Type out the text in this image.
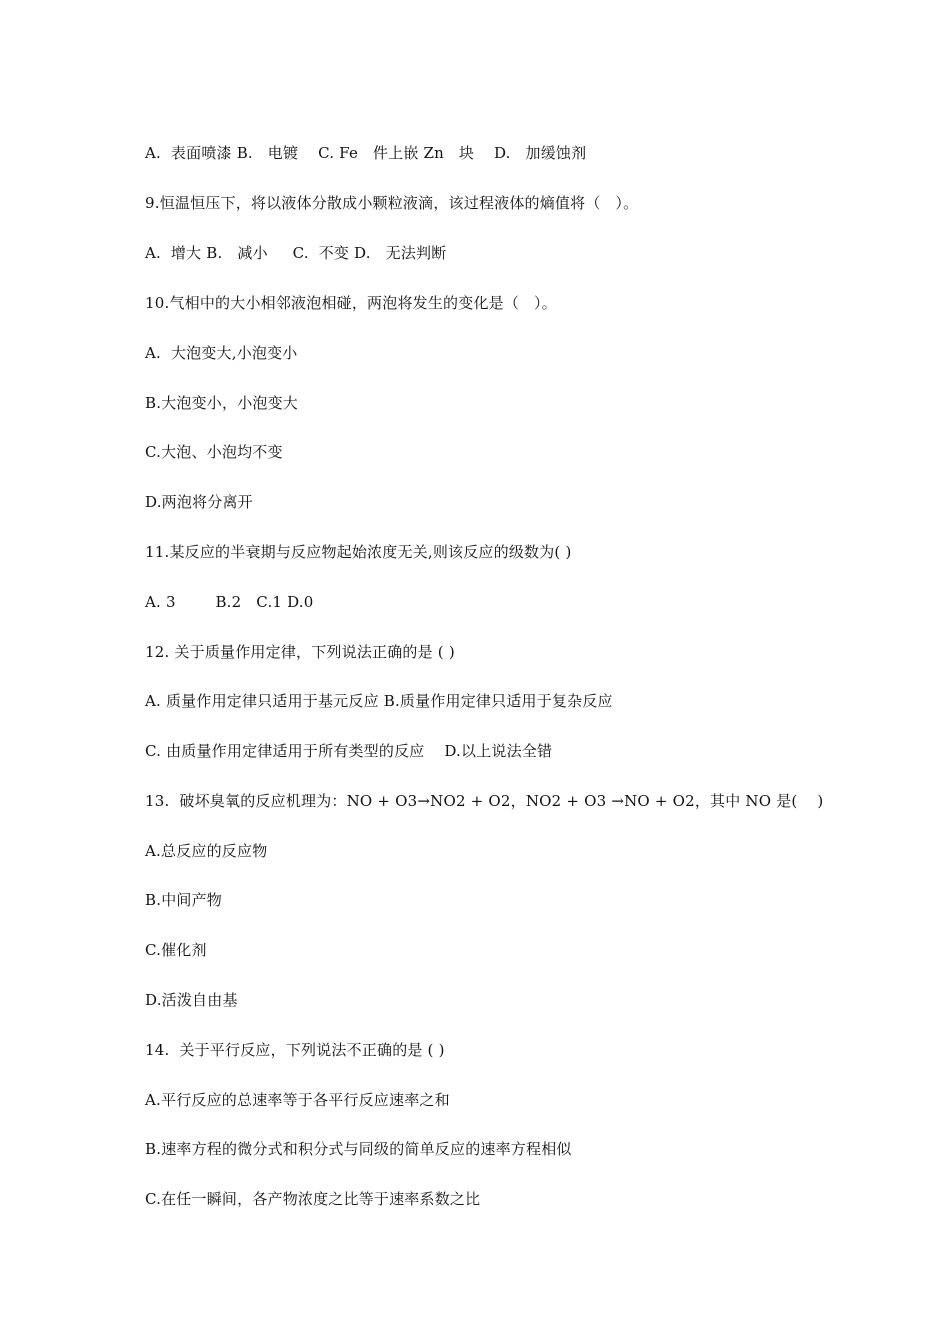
A.  表面喷漆 B.   电镀    C. Fe   件上嵌 Zn   块    D.   加缓蚀剂
9.恒温恒压下，将以液体分散成小颗粒液滴，该过程液体的熵值将（   ）。
A.  增大 B.   减小     C.  不变 D.   无法判断
10.气相中的大小相邻液泡相碰，两泡将发生的变化是（   ）。
A.  大泡变大,小泡变小
B.大泡变小，小泡变大
C.大泡、小泡均不变
D.两泡将分离开
11.某反应的半衰期与反应物起始浓度无关,则该反应的级数为( )
A. 3        B.2   C.1 D.0
12. 关于质量作用定律，下列说法正确的是 ( )
A. 质量作用定律只适用于基元反应 B.质量作用定律只适用于复杂反应
C. 由质量作用定律适用于所有类型的反应    D.以上说法全错
13.  破坏臭氧的反应机理为：NO + O3→NO2 + O2，NO2 + O3 →NO + O2，其中 NO 是(    )
A.总反应的反应物
B.中间产物
C.催化剂
D.活泼自由基
14.  关于平行反应，下列说法不正确的是 ( )
A.平行反应的总速率等于各平行反应速率之和
B.速率方程的微分式和积分式与同级的简单反应的速率方程相似
C.在任一瞬间，各产物浓度之比等于速率系数之比
